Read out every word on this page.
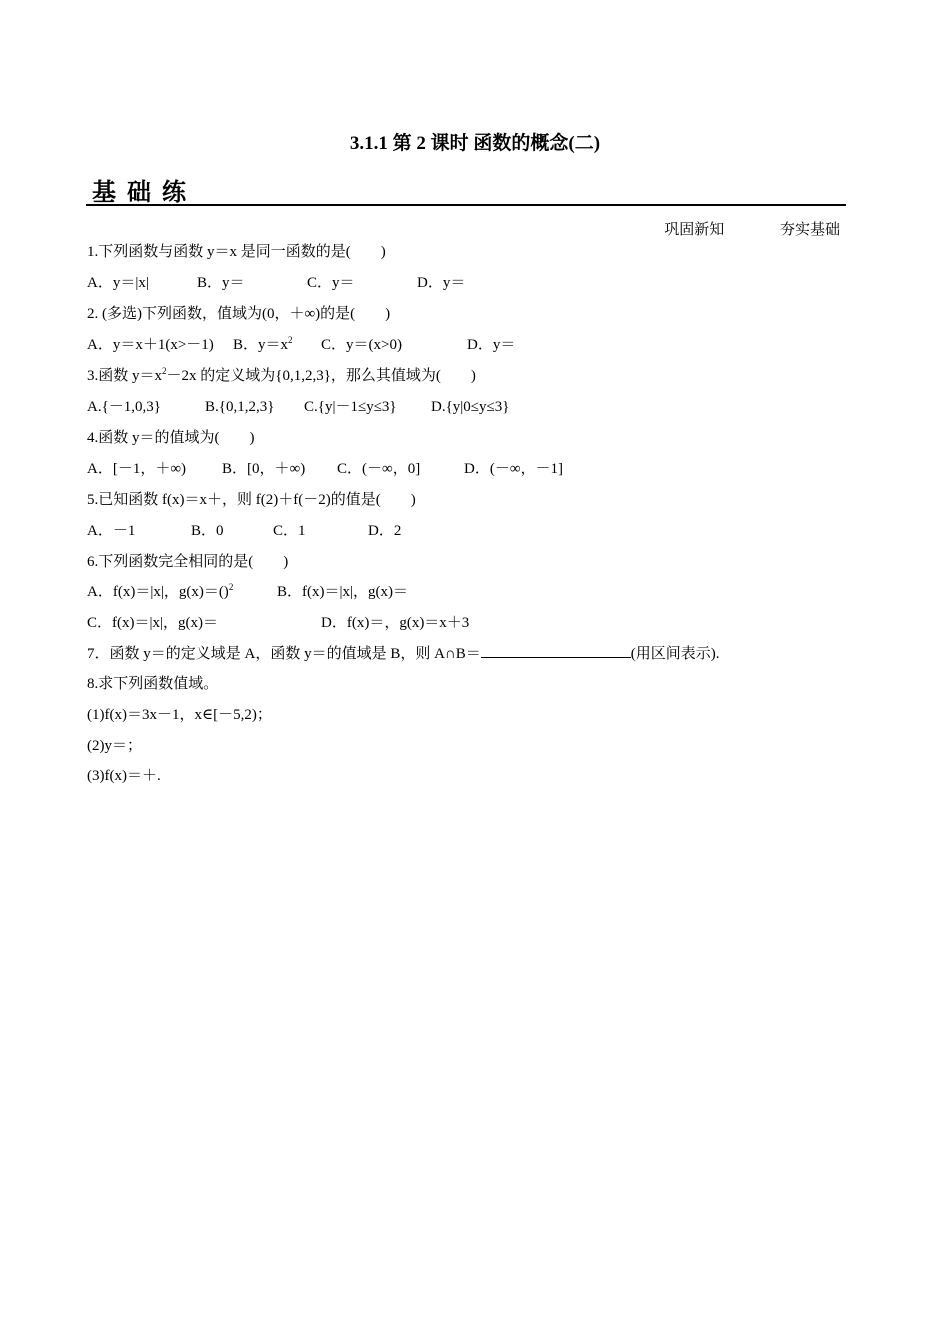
3.1.1 第 2 课时 函数的概念(二)
基础练
巩固新知	夯实基础
1.下列函数与函数 y＝x 是同一函数的是(　　)
A．y＝|x|	B．y＝	C．y＝	D．y＝
2. (多选)下列函数，值域为(0，＋∞)的是(　　)
A．y＝x＋1(x>－1) B．$y=x^2$ C．y＝(x>0)	D．y＝
3.函数 $y=x^2-2x$ 的定义域为{0,1,2,3}，那么其值域为(　　)
A.{－1,0,3}	B.{0,1,2,3} C.{y|－1≤y≤3} D.{y|0≤y≤3}
4.函数 y＝的值域为(　　)
A．[－1，＋∞) B．[0，＋∞) C．(－∞，0]	D．(－∞，－1]
5.已知函数 f(x)＝x＋，则 f(2)＋f(－2)的值是(　　)
A．－1	B．0	C．1	D．2
6.下列函数完全相同的是(　　)
A．f(x)＝|x|，g(x)＝()$^2$	B．f(x)＝|x|，g(x)＝
C．f(x)＝|x|，g(x)＝	D．f(x)＝，g(x)＝x＋3
7．函数 y＝的定义域是 A，函数 y＝的值域是 B，则 A∩B＝	(用区间表示).
8.求下列函数值域。
(1)f(x)＝3x－1，x∈[－5,2)；
(2)y＝；
(3)f(x)＝＋.
